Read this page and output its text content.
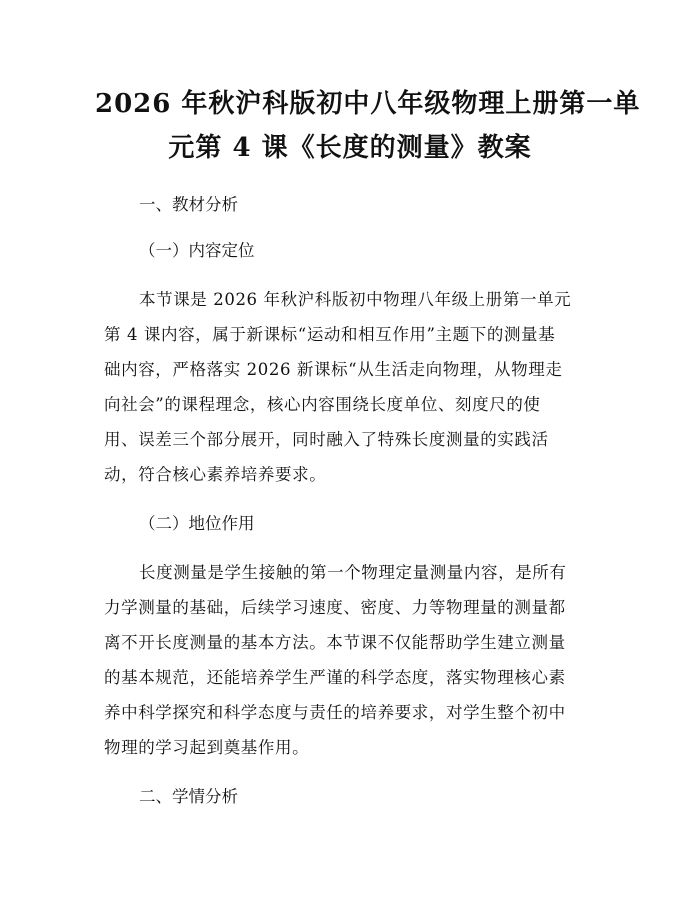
2026 年秋沪科版初中八年级物理上册第一单
元第 4 课《长度的测量》教案
一、教材分析
（一）内容定位
本节课是 2026 年秋沪科版初中物理八年级上册第一单元
第 4 课内容，属于新课标“运动和相互作用”主题下的测量基
础内容，严格落实 2026 新课标“从生活走向物理，从物理走
向社会”的课程理念，核心内容围绕长度单位、刻度尺的使
用、误差三个部分展开，同时融入了特殊长度测量的实践活
动，符合核心素养培养要求。
（二）地位作用
长度测量是学生接触的第一个物理定量测量内容，是所有
力学测量的基础，后续学习速度、密度、力等物理量的测量都
离不开长度测量的基本方法。本节课不仅能帮助学生建立测量
的基本规范，还能培养学生严谨的科学态度，落实物理核心素
养中科学探究和科学态度与责任的培养要求，对学生整个初中
物理的学习起到奠基作用。
二、学情分析
